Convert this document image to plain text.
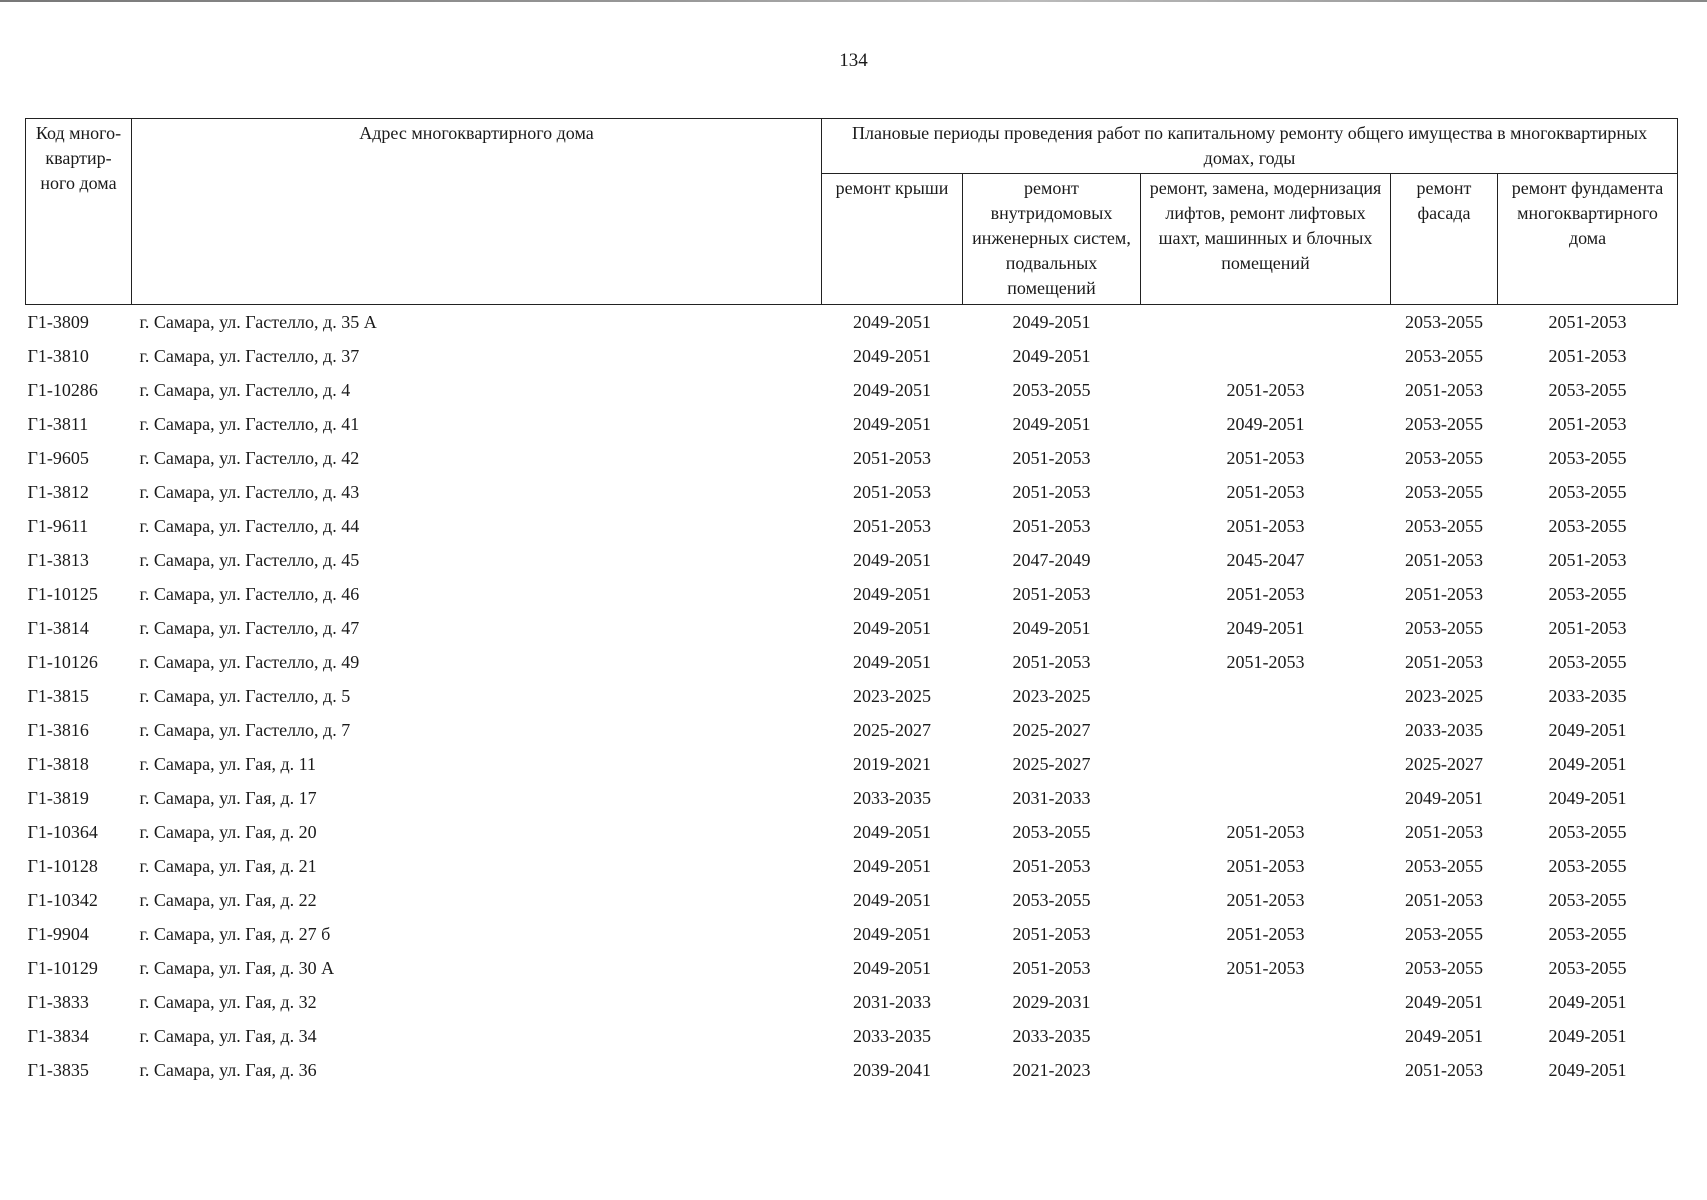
134
Код много-квартир-ного дома	Адрес многоквартирного дома	Плановые периоды проведения работ по капитальному ремонту общего имущества в многоквартирных домах, годы				
		ремонт крыши	ремонт внутридомовых инженерных систем, подвальных помещений	ремонт, замена, модернизация лифтов, ремонт лифтовых шахт, машинных и блочных помещений	ремонт фасада	ремонт фундамента многоквартирного дома
Г1-3809	г. Самара, ул. Гастелло, д. 35 А	2049-2051	2049-2051		2053-2055	2051-2053
Г1-3810	г. Самара, ул. Гастелло, д. 37	2049-2051	2049-2051		2053-2055	2051-2053
Г1-10286	г. Самара, ул. Гастелло, д. 4	2049-2051	2053-2055	2051-2053	2051-2053	2053-2055
Г1-3811	г. Самара, ул. Гастелло, д. 41	2049-2051	2049-2051	2049-2051	2053-2055	2051-2053
Г1-9605	г. Самара, ул. Гастелло, д. 42	2051-2053	2051-2053	2051-2053	2053-2055	2053-2055
Г1-3812	г. Самара, ул. Гастелло, д. 43	2051-2053	2051-2053	2051-2053	2053-2055	2053-2055
Г1-9611	г. Самара, ул. Гастелло, д. 44	2051-2053	2051-2053	2051-2053	2053-2055	2053-2055
Г1-3813	г. Самара, ул. Гастелло, д. 45	2049-2051	2047-2049	2045-2047	2051-2053	2051-2053
Г1-10125	г. Самара, ул. Гастелло, д. 46	2049-2051	2051-2053	2051-2053	2051-2053	2053-2055
Г1-3814	г. Самара, ул. Гастелло, д. 47	2049-2051	2049-2051	2049-2051	2053-2055	2051-2053
Г1-10126	г. Самара, ул. Гастелло, д. 49	2049-2051	2051-2053	2051-2053	2051-2053	2053-2055
Г1-3815	г. Самара, ул. Гастелло, д. 5	2023-2025	2023-2025		2023-2025	2033-2035
Г1-3816	г. Самара, ул. Гастелло, д. 7	2025-2027	2025-2027		2033-2035	2049-2051
Г1-3818	г. Самара, ул. Гая, д. 11	2019-2021	2025-2027		2025-2027	2049-2051
Г1-3819	г. Самара, ул. Гая, д. 17	2033-2035	2031-2033		2049-2051	2049-2051
Г1-10364	г. Самара, ул. Гая, д. 20	2049-2051	2053-2055	2051-2053	2051-2053	2053-2055
Г1-10128	г. Самара, ул. Гая, д. 21	2049-2051	2051-2053	2051-2053	2053-2055	2053-2055
Г1-10342	г. Самара, ул. Гая, д. 22	2049-2051	2053-2055	2051-2053	2051-2053	2053-2055
Г1-9904	г. Самара, ул. Гая, д. 27 б	2049-2051	2051-2053	2051-2053	2053-2055	2053-2055
Г1-10129	г. Самара, ул. Гая, д. 30 А	2049-2051	2051-2053	2051-2053	2053-2055	2053-2055
Г1-3833	г. Самара, ул. Гая, д. 32	2031-2033	2029-2031		2049-2051	2049-2051
Г1-3834	г. Самара, ул. Гая, д. 34	2033-2035	2033-2035		2049-2051	2049-2051
Г1-3835	г. Самара, ул. Гая, д. 36	2039-2041	2021-2023		2051-2053	2049-2051
